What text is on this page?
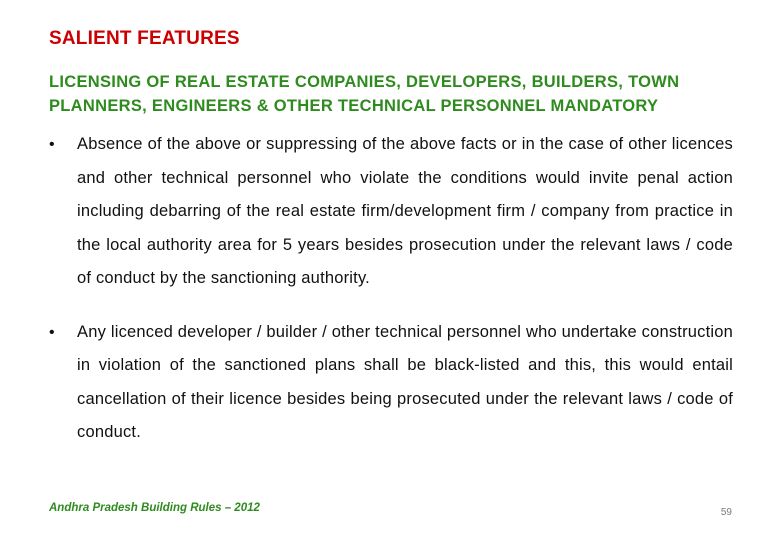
SALIENT FEATURES
LICENSING OF REAL ESTATE COMPANIES, DEVELOPERS, BUILDERS, TOWN PLANNERS, ENGINEERS & OTHER TECHNICAL PERSONNEL MANDATORY
• Absence of the above or suppressing of the above facts or in the case of other licences and other technical personnel who violate the conditions would invite penal action including debarring of the real estate firm/development firm / company from practice in the local authority area for 5 years besides prosecution under the relevant laws / code of conduct by the sanctioning authority.
• Any licenced developer / builder / other technical personnel who undertake construction in violation of the sanctioned plans shall be black-listed and this, this would entail cancellation of their licence besides being prosecuted under the relevant laws / code of conduct.
Andhra Pradesh Building Rules – 2012	59
